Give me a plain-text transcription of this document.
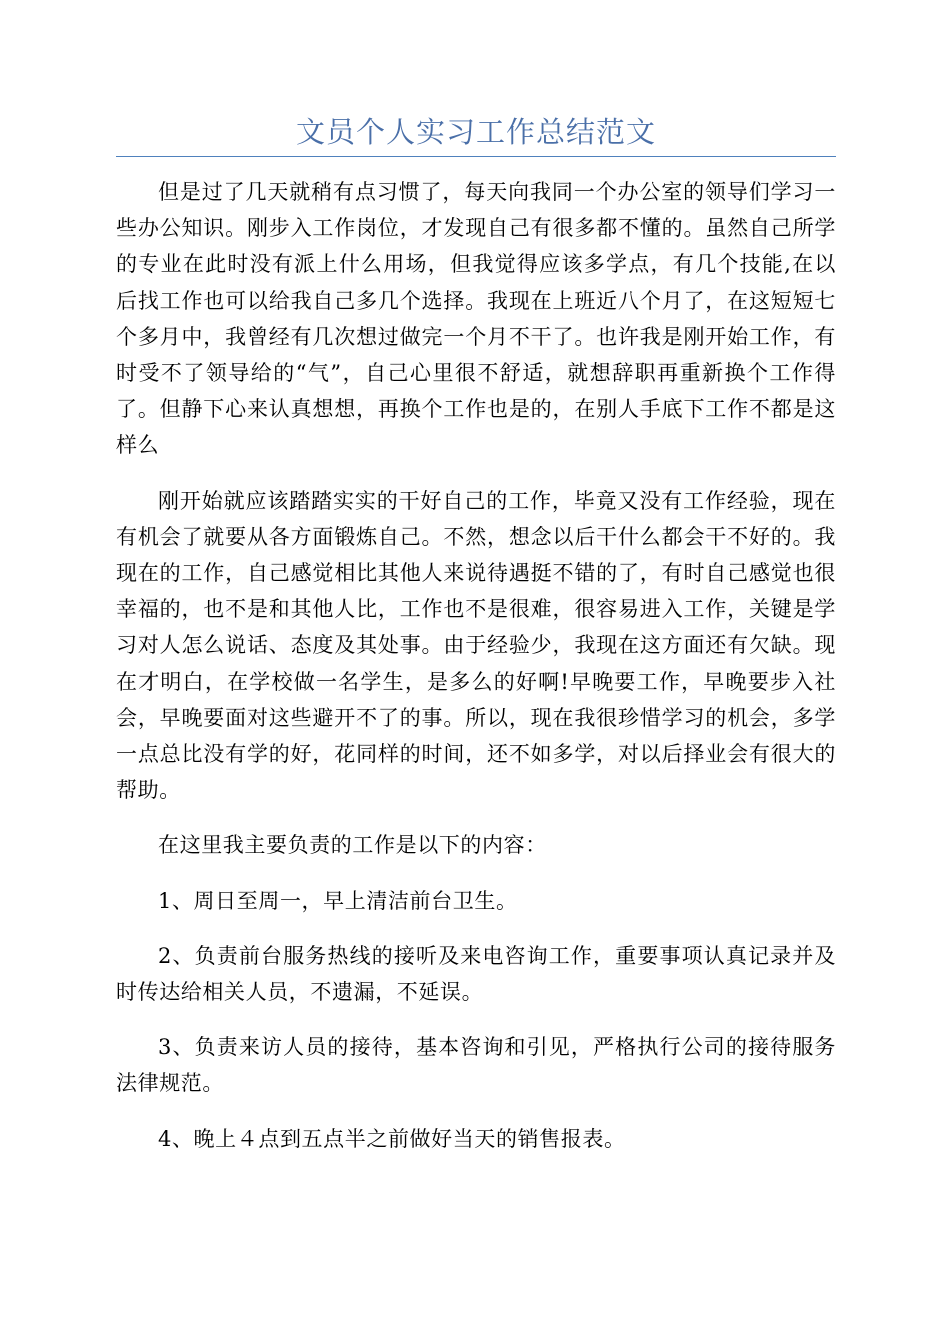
文员个人实习工作总结范文

但是过了几天就稍有点习惯了，每天向我同一个办公室的领导们学习一些办公知识。刚步入工作岗位，才发现自己有很多都不懂的。虽然自己所学的专业在此时没有派上什么用场，但我觉得应该多学点，有几个技能,在以后找工作也可以给我自己多几个选择。我现在上班近八个月了，在这短短七个多月中，我曾经有几次想过做完一个月不干了。也许我是刚开始工作，有时受不了领导给的“气”，自己心里很不舒适，就想辞职再重新换个工作得了。但静下心来认真想想，再换个工作也是的，在别人手底下工作不都是这样么

刚开始就应该踏踏实实的干好自己的工作，毕竟又没有工作经验，现在有机会了就要从各方面锻炼自己。不然，想念以后干什么都会干不好的。我现在的工作，自己感觉相比其他人来说待遇挺不错的了，有时自己感觉也很幸福的，也不是和其他人比，工作也不是很难，很容易进入工作，关键是学习对人怎么说话、态度及其处事。由于经验少，我现在这方面还有欠缺。现在才明白，在学校做一名学生，是多么的好啊!早晚要工作，早晚要步入社会，早晚要面对这些避开不了的事。所以，现在我很珍惜学习的机会，多学一点总比没有学的好，花同样的时间，还不如多学，对以后择业会有很大的帮助。

在这里我主要负责的工作是以下的内容：

1、周日至周一，早上清洁前台卫生。

2、负责前台服务热线的接听及来电咨询工作，重要事项认真记录并及时传达给相关人员，不遗漏，不延误。

3、负责来访人员的接待，基本咨询和引见，严格执行公司的接待服务法律规范。

4、晚上４点到五点半之前做好当天的销售报表。
